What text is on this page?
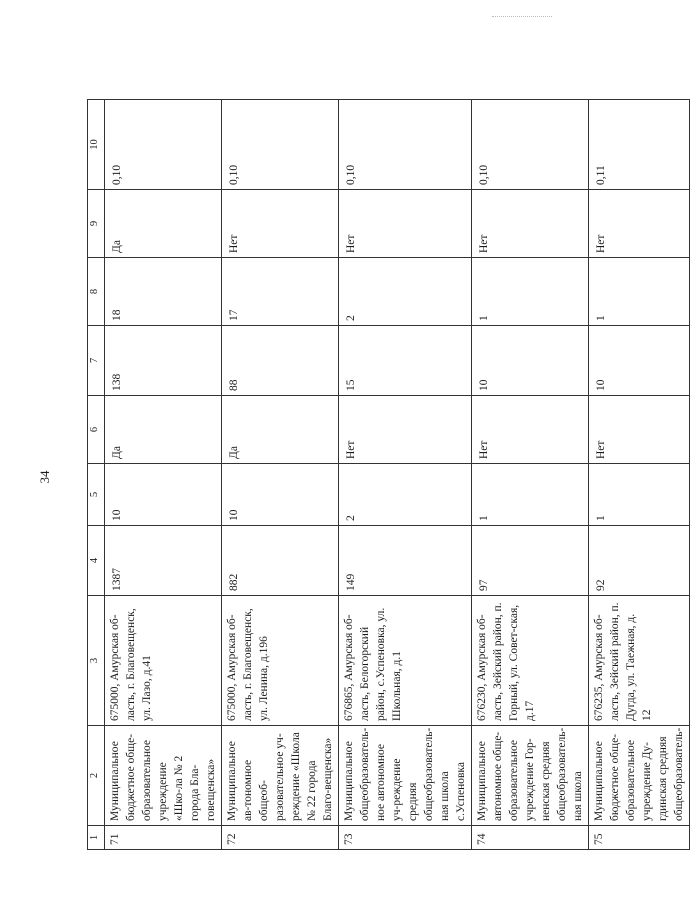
34
1	2	3	4	5	6	7	8	9	10
71	Муниципальное бюджетное обще-образовательное учреждение «Шко-ла № 2 города Бла-говещенска»	675000, Амурская об-ласть, г. Благовещенск, ул. Лазо, д.41	1387	10	Да	138	18	Да	0,10
72	Муниципальное ав-тономное общеоб-разовательное уч-реждение «Школа № 22 города Благо-вещенска»	675000, Амурская об-ласть, г. Благовещенск, ул. Ленина, д.196	882	10	Да	88	17	Нет	0,10
73	Муниципальное общеобразователь-ное автономное уч-реждение средняя общеобразователь-ная школа с.Успеновка	676865, Амурская об-ласть, Белогорский район, с.Успеновка, ул. Школьная, д.1	149	2	Нет	15	2	Нет	0,10
74	Муниципальное автономное обще-образовательное учреждение Гор-ненская средняя общеобразователь-ная школа	676230, Амурская об-ласть, Зейский район, п. Горный, ул. Совет-ская, д.17	97	1	Нет	10	1	Нет	0,10
75	Муниципальное бюджетное обще-образовательное учреждение Ду-гдинская средняя общеобразователь-	676235, Амурская об-ласть, Зейский район, п. Дугда, ул. Таежная, д. 12	92	1	Нет	10	1	Нет	0,11
